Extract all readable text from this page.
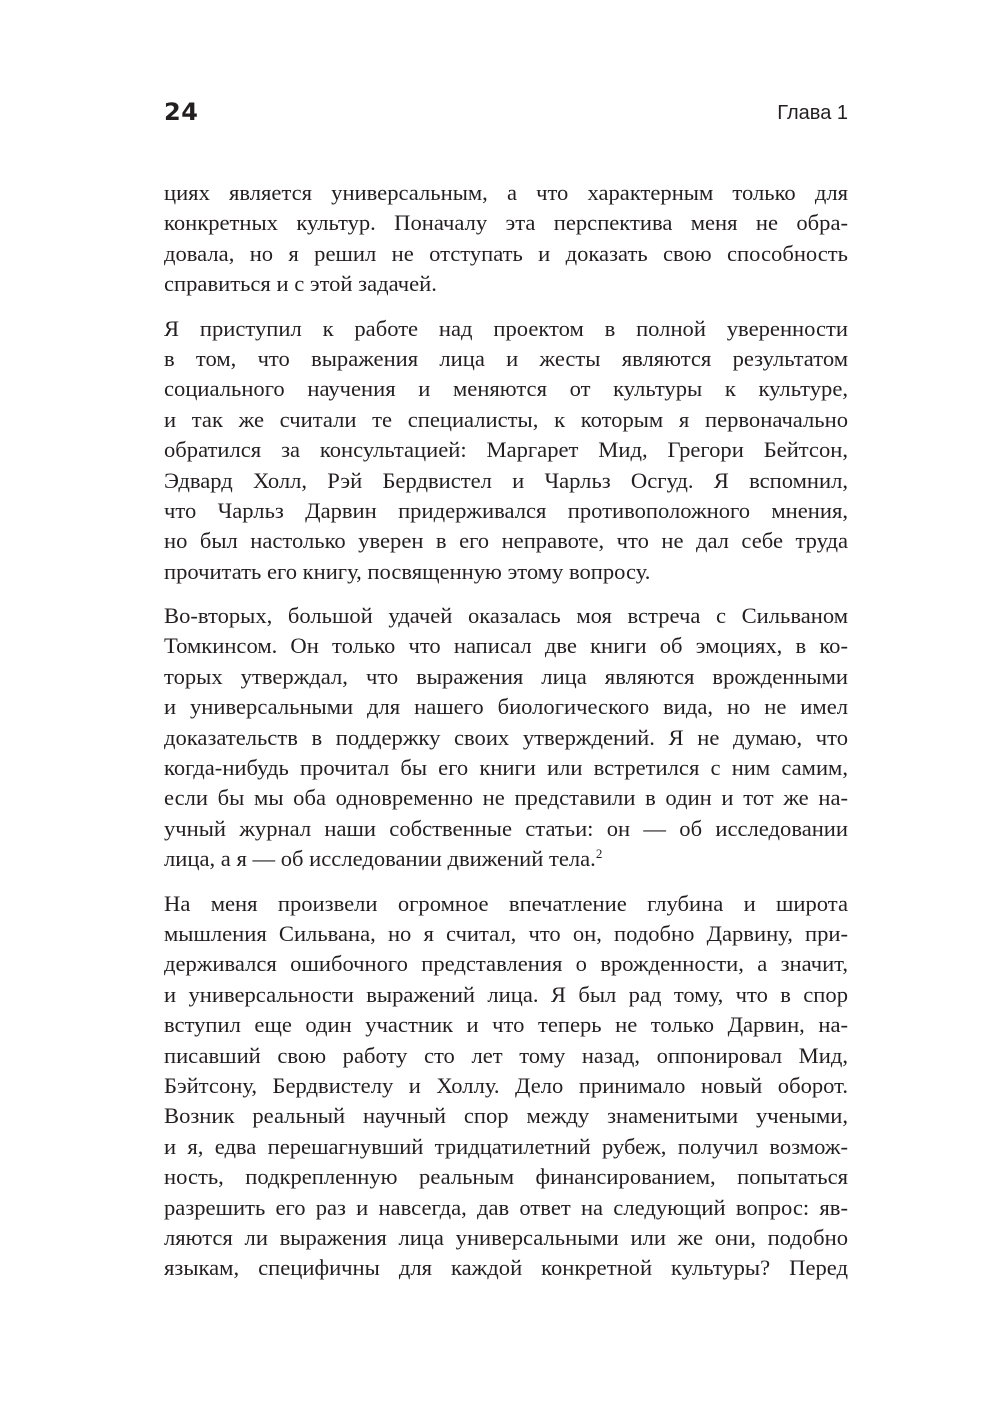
24	Глава 1

циях является универсальным, а что характерным только для
конкретных культур. Поначалу эта перспектива меня не обра-
довала, но я решил не отступать и доказать свою способность
справиться и с этой задачей.

Я приступил к работе над проектом в полной уверенности
в том, что выражения лица и жесты являются результатом
социального научения и меняются от культуры к культуре,
и так же считали те специалисты, к которым я первоначально
обратился за консультацией: Маргарет Мид, Грегори Бейтсон,
Эдвард Холл, Рэй Бердвистел и Чарльз Осгуд. Я вспомнил,
что Чарльз Дарвин придерживался противоположного мнения,
но был настолько уверен в его неправоте, что не дал себе труда
прочитать его книгу, посвященную этому вопросу.

Во-вторых, большой удачей оказалась моя встреча с Сильваном
Томкинсом. Он только что написал две книги об эмоциях, в ко-
торых утверждал, что выражения лица являются врожденными
и универсальными для нашего биологического вида, но не имел
доказательств в поддержку своих утверждений. Я не думаю, что
когда-нибудь прочитал бы его книги или встретился с ним самим,
если бы мы оба одновременно не представили в один и тот же на-
учный журнал наши собственные статьи: он — об исследовании
лица, а я — об исследовании движений тела.$^2$

На меня произвели огромное впечатление глубина и широта
мышления Сильвана, но я считал, что он, подобно Дарвину, при-
держивался ошибочного представления о врожденности, а значит,
и универсальности выражений лица. Я был рад тому, что в спор
вступил еще один участник и что теперь не только Дарвин, на-
писавший свою работу сто лет тому назад, оппонировал Мид,
Бэйтсону, Бердвистелу и Холлу. Дело принимало новый оборот.
Возник реальный научный спор между знаменитыми учеными,
и я, едва перешагнувший тридцатилетний рубеж, получил возмож-
ность, подкрепленную реальным финансированием, попытаться
разрешить его раз и навсегда, дав ответ на следующий вопрос: яв-
ляются ли выражения лица универсальными или же они, подобно
языкам, специфичны для каждой конкретной культуры? Перед
